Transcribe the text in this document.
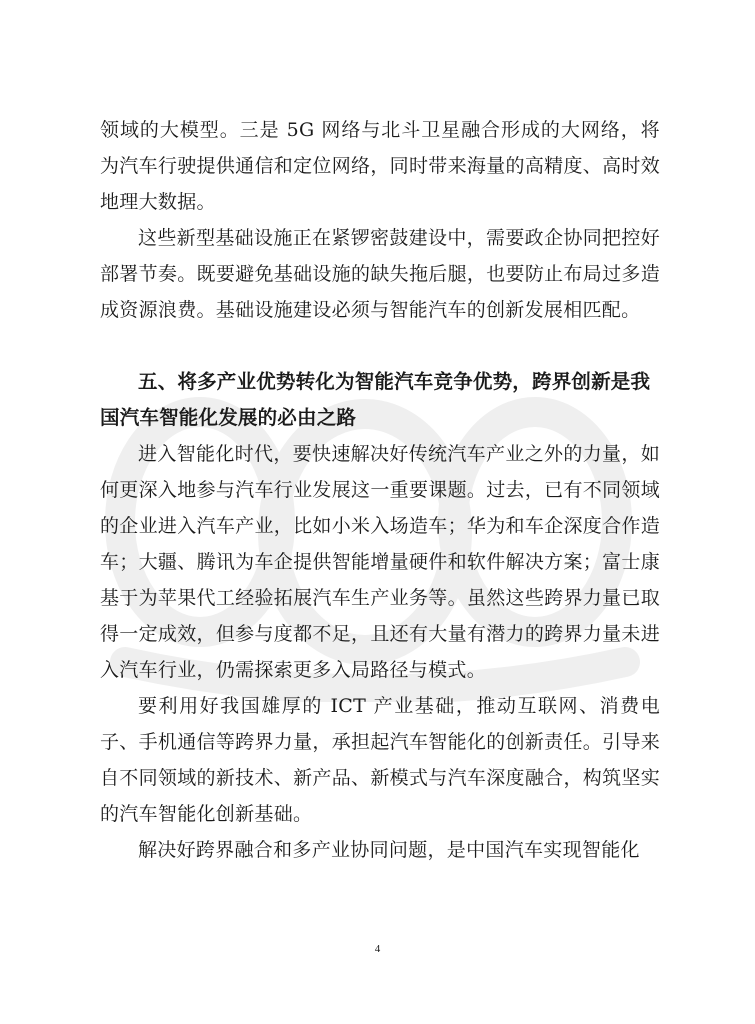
领域的大模型。三是 5G 网络与北斗卫星融合形成的大网络，将为汽车行驶提供通信和定位网络，同时带来海量的高精度、高时效地理大数据。

这些新型基础设施正在紧锣密鼓建设中，需要政企协同把控好部署节奏。既要避免基础设施的缺失拖后腿，也要防止布局过多造成资源浪费。基础设施建设必须与智能汽车的创新发展相匹配。

五、将多产业优势转化为智能汽车竞争优势，跨界创新是我国汽车智能化发展的必由之路

进入智能化时代，要快速解决好传统汽车产业之外的力量，如何更深入地参与汽车行业发展这一重要课题。过去，已有不同领域的企业进入汽车产业，比如小米入场造车；华为和车企深度合作造车；大疆、腾讯为车企提供智能增量硬件和软件解决方案；富士康基于为苹果代工经验拓展汽车生产业务等。虽然这些跨界力量已取得一定成效，但参与度都不足，且还有大量有潜力的跨界力量未进入汽车行业，仍需探索更多入局路径与模式。

要利用好我国雄厚的 ICT 产业基础，推动互联网、消费电子、手机通信等跨界力量，承担起汽车智能化的创新责任。引导来自不同领域的新技术、新产品、新模式与汽车深度融合，构筑坚实的汽车智能化创新基础。

解决好跨界融合和多产业协同问题，是中国汽车实现智能化

4
